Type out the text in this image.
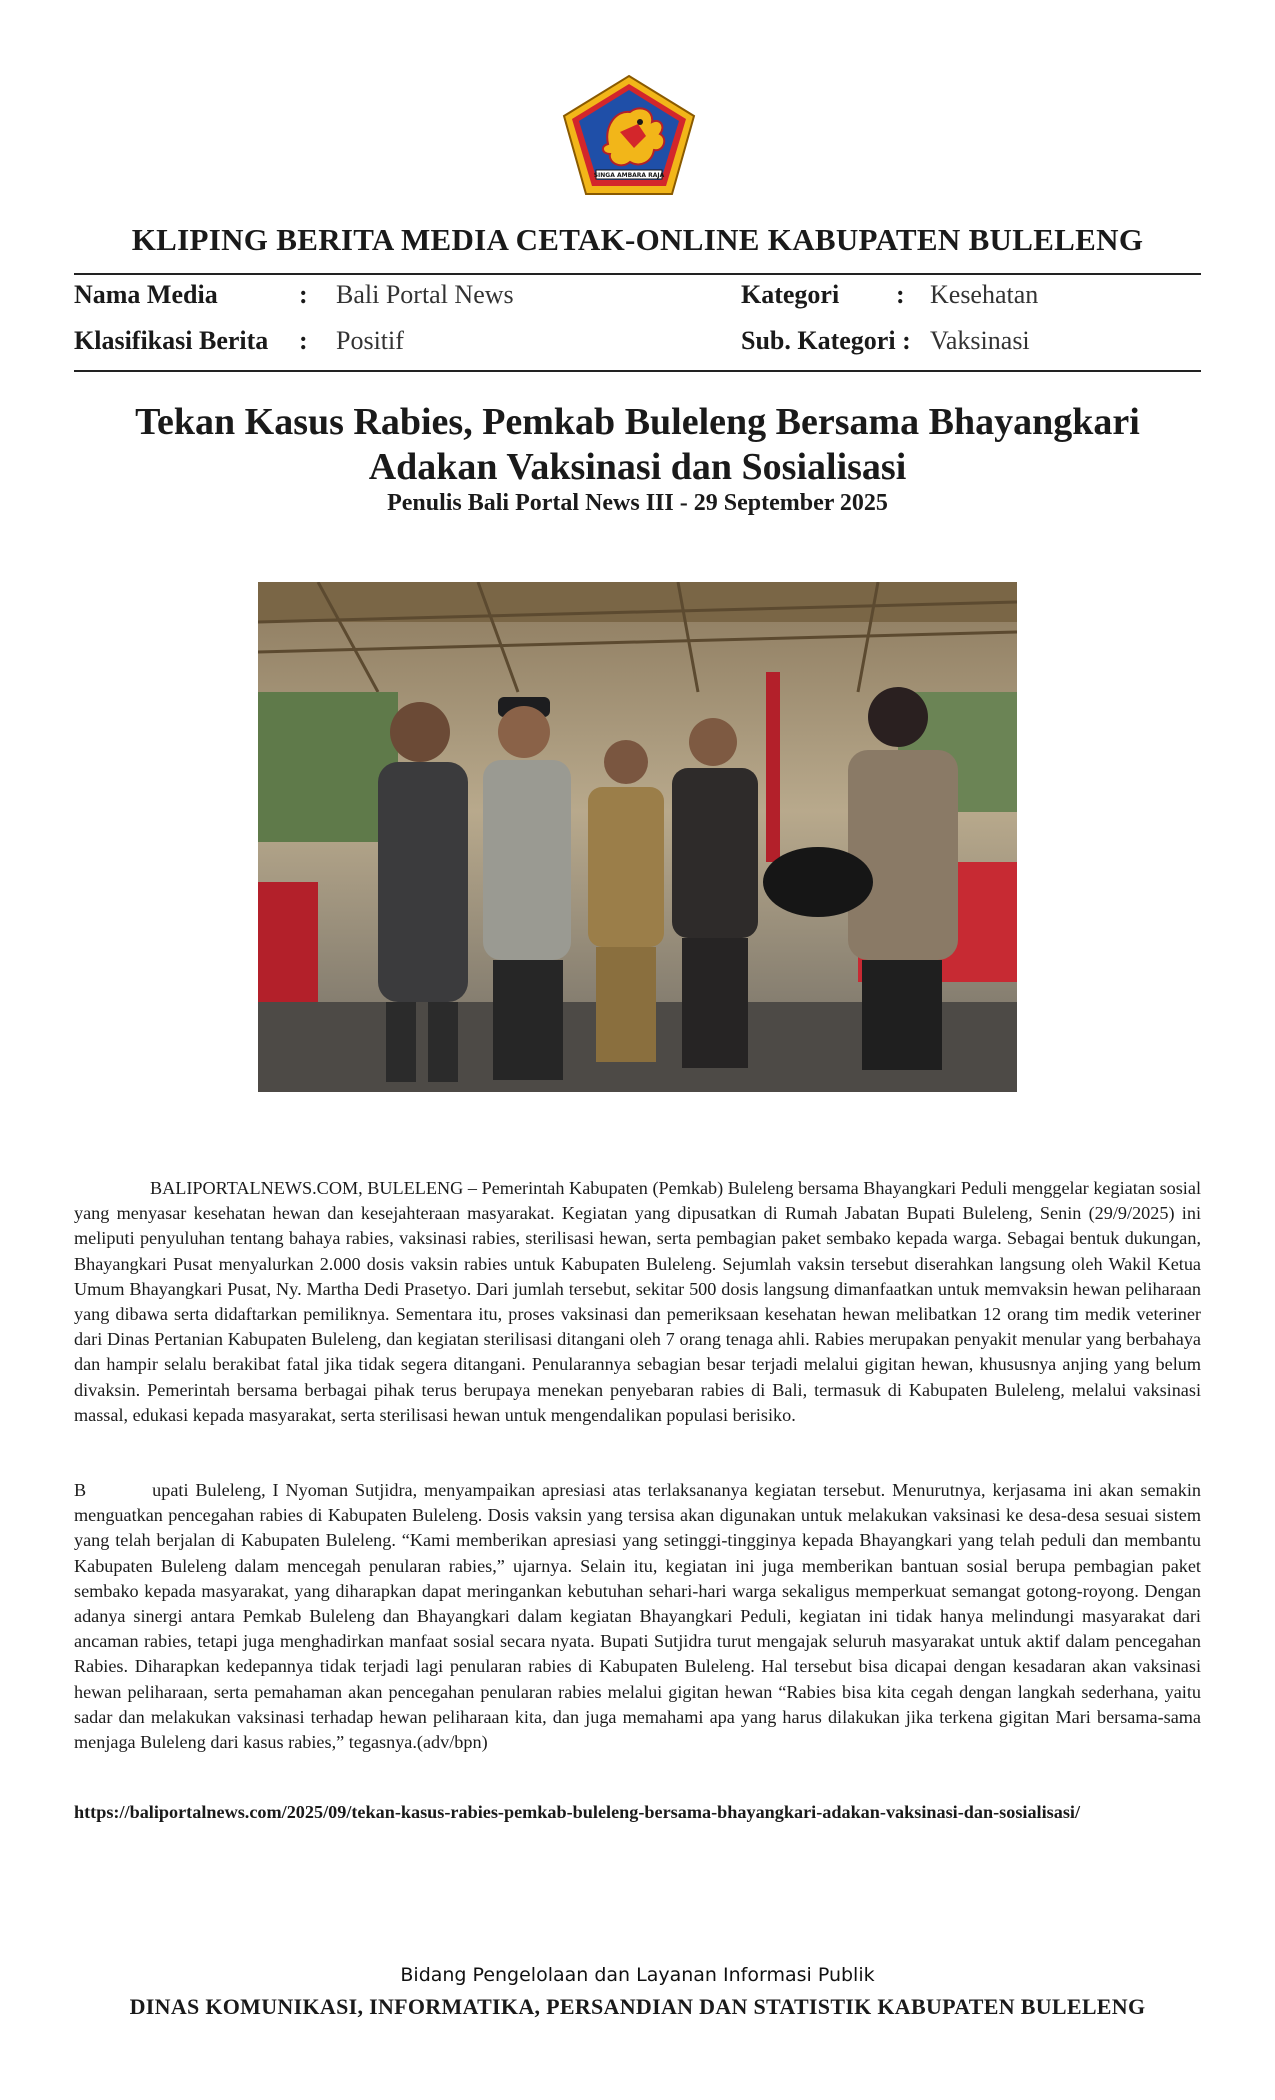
SINGA AMBARA RAJA
KLIPING BERITA MEDIA CETAK-ONLINE KABUPATEN BULELENG
Nama Media	: Bali Portal News	Kategori : Kesehatan
Klasifikasi Berita : Positif	Sub. Kategori : Vaksinasi
Tekan Kasus Rabies, Pemkab Buleleng Bersama Bhayangkari Adakan Vaksinasi dan Sosialisasi
Penulis Bali Portal News III - 29 September 2025
BALIPORTALNEWS.COM, BULELENG – Pemerintah Kabupaten (Pemkab) Buleleng bersama Bhayangkari Peduli menggelar kegiatan sosial yang menyasar kesehatan hewan dan kesejahteraan masyarakat. Kegiatan yang dipusatkan di Rumah Jabatan Bupati Buleleng, Senin (29/9/2025) ini meliputi penyuluhan tentang bahaya rabies, vaksinasi rabies, sterilisasi hewan, serta pembagian paket sembako kepada warga. Sebagai bentuk dukungan, Bhayangkari Pusat menyalurkan 2.000 dosis vaksin rabies untuk Kabupaten Buleleng. Sejumlah vaksin tersebut diserahkan langsung oleh Wakil Ketua Umum Bhayangkari Pusat, Ny. Martha Dedi Prasetyo. Dari jumlah tersebut, sekitar 500 dosis langsung dimanfaatkan untuk memvaksin hewan peliharaan yang dibawa serta didaftarkan pemiliknya. Sementara itu, proses vaksinasi dan pemeriksaan kesehatan hewan melibatkan 12 orang tim medik veteriner dari Dinas Pertanian Kabupaten Buleleng, dan kegiatan sterilisasi ditangani oleh 7 orang tenaga ahli. Rabies merupakan penyakit menular yang berbahaya dan hampir selalu berakibat fatal jika tidak segera ditangani. Penularannya sebagian besar terjadi melalui gigitan hewan, khususnya anjing yang belum divaksin. Pemerintah bersama berbagai pihak terus berupaya menekan penyebaran rabies di Bali, termasuk di Kabupaten Buleleng, melalui vaksinasi massal, edukasi kepada masyarakat, serta sterilisasi hewan untuk mengendalikan populasi berisiko.
B	upati Buleleng, I Nyoman Sutjidra, menyampaikan apresiasi atas terlaksananya kegiatan tersebut. Menurutnya, kerjasama ini akan semakin menguatkan pencegahan rabies di Kabupaten Buleleng. Dosis vaksin yang tersisa akan digunakan untuk melakukan vaksinasi ke desa-desa sesuai sistem yang telah berjalan di Kabupaten Buleleng. “Kami memberikan apresiasi yang setinggi-tingginya kepada Bhayangkari yang telah peduli dan membantu Kabupaten Buleleng dalam mencegah penularan rabies,” ujarnya. Selain itu, kegiatan ini juga memberikan bantuan sosial berupa pembagian paket sembako kepada masyarakat, yang diharapkan dapat meringankan kebutuhan sehari-hari warga sekaligus memperkuat semangat gotong-royong. Dengan adanya sinergi antara Pemkab Buleleng dan Bhayangkari dalam kegiatan Bhayangkari Peduli, kegiatan ini tidak hanya melindungi masyarakat dari ancaman rabies, tetapi juga menghadirkan manfaat sosial secara nyata. Bupati Sutjidra turut mengajak seluruh masyarakat untuk aktif dalam pencegahan Rabies. Diharapkan kedepannya tidak terjadi lagi penularan rabies di Kabupaten Buleleng. Hal tersebut bisa dicapai dengan kesadaran akan vaksinasi hewan peliharaan, serta pemahaman akan pencegahan penularan rabies melalui gigitan hewan “Rabies bisa kita cegah dengan langkah sederhana, yaitu sadar dan melakukan vaksinasi terhadap hewan peliharaan kita, dan juga memahami apa yang harus dilakukan jika terkena gigitan Mari bersama-sama menjaga Buleleng dari kasus rabies,” tegasnya.(adv/bpn)
https://baliportalnews.com/2025/09/tekan-kasus-rabies-pemkab-buleleng-bersama-bhayangkari-adakan-vaksinasi-dan-sosialisasi/
Bidang Pengelolaan dan Layanan Informasi Publik
DINAS KOMUNIKASI, INFORMATIKA, PERSANDIAN DAN STATISTIK KABUPATEN BULELENG
